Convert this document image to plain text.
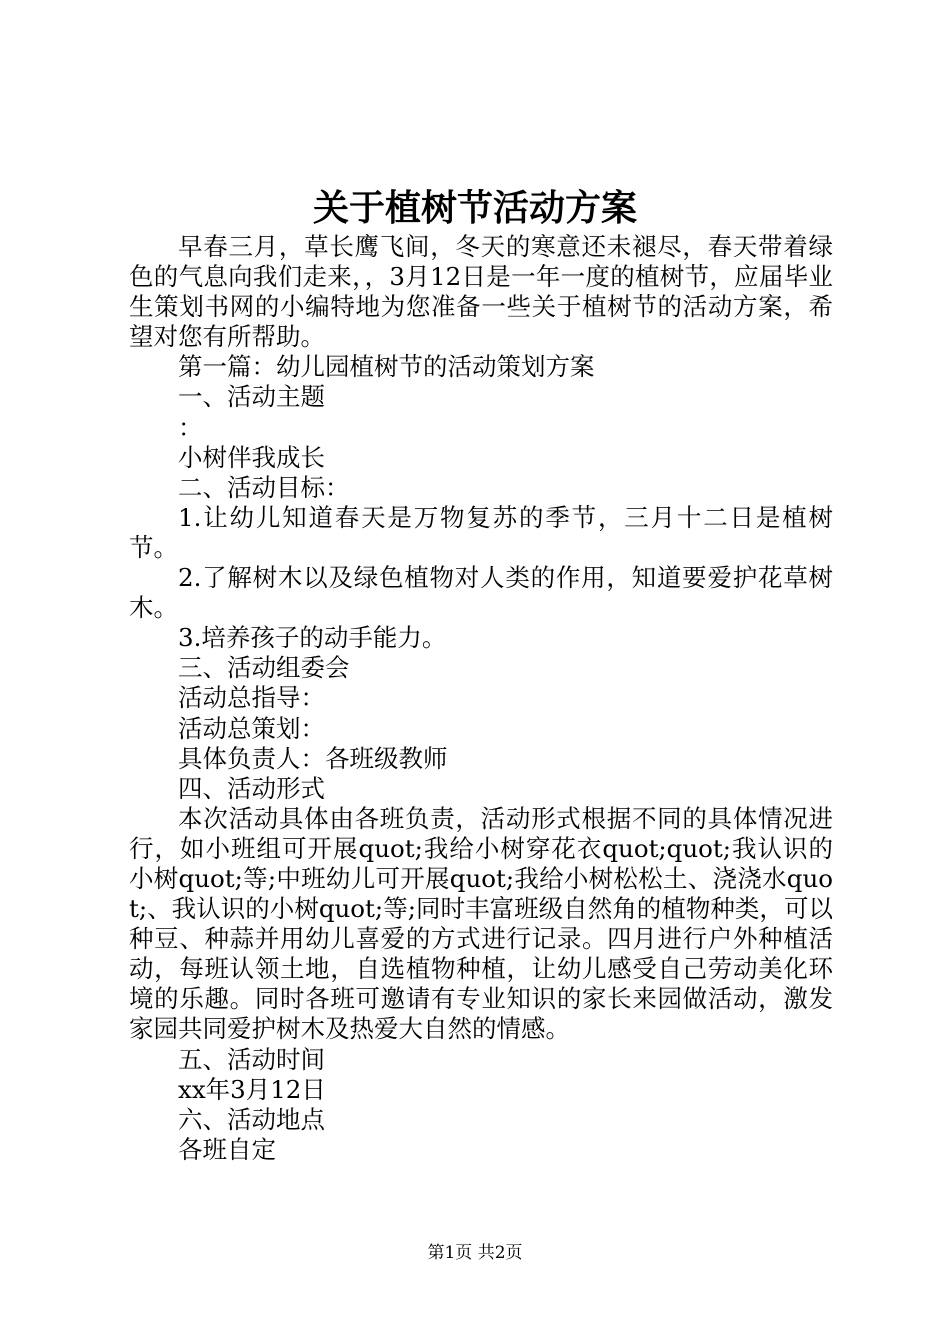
关于植树节活动方案

早春三月，草长鹰飞间，冬天的寒意还未褪尽，春天带着绿色的气息向我们走来，，3月12日是一年一度的植树节，应届毕业生策划书网的小编特地为您准备一些关于植树节的活动方案，希望对您有所帮助。

第一篇：幼儿园植树节的活动策划方案

一、活动主题

：

小树伴我成长

二、活动目标：

1.让幼儿知道春天是万物复苏的季节，三月十二日是植树节。

2.了解树木以及绿色植物对人类的作用，知道要爱护花草树木。

3.培养孩子的动手能力。

三、活动组委会

活动总指导：

活动总策划：

具体负责人：各班级教师

四、活动形式

本次活动具体由各班负责，活动形式根据不同的具体情况进行，如小班组可开展quot;我给小树穿花衣quot;quot;我认识的小树quot;等;中班幼儿可开展quot;我给小树松松土、浇浇水quot;、我认识的小树quot;等;同时丰富班级自然角的植物种类，可以种豆、种蒜并用幼儿喜爱的方式进行记录。四月进行户外种植活动，每班认领土地，自选植物种植，让幼儿感受自己劳动美化环境的乐趣。同时各班可邀请有专业知识的家长来园做活动，激发家园共同爱护树木及热爱大自然的情感。

五、活动时间

xx年3月12日

六、活动地点

各班自定

第1页 共2页
